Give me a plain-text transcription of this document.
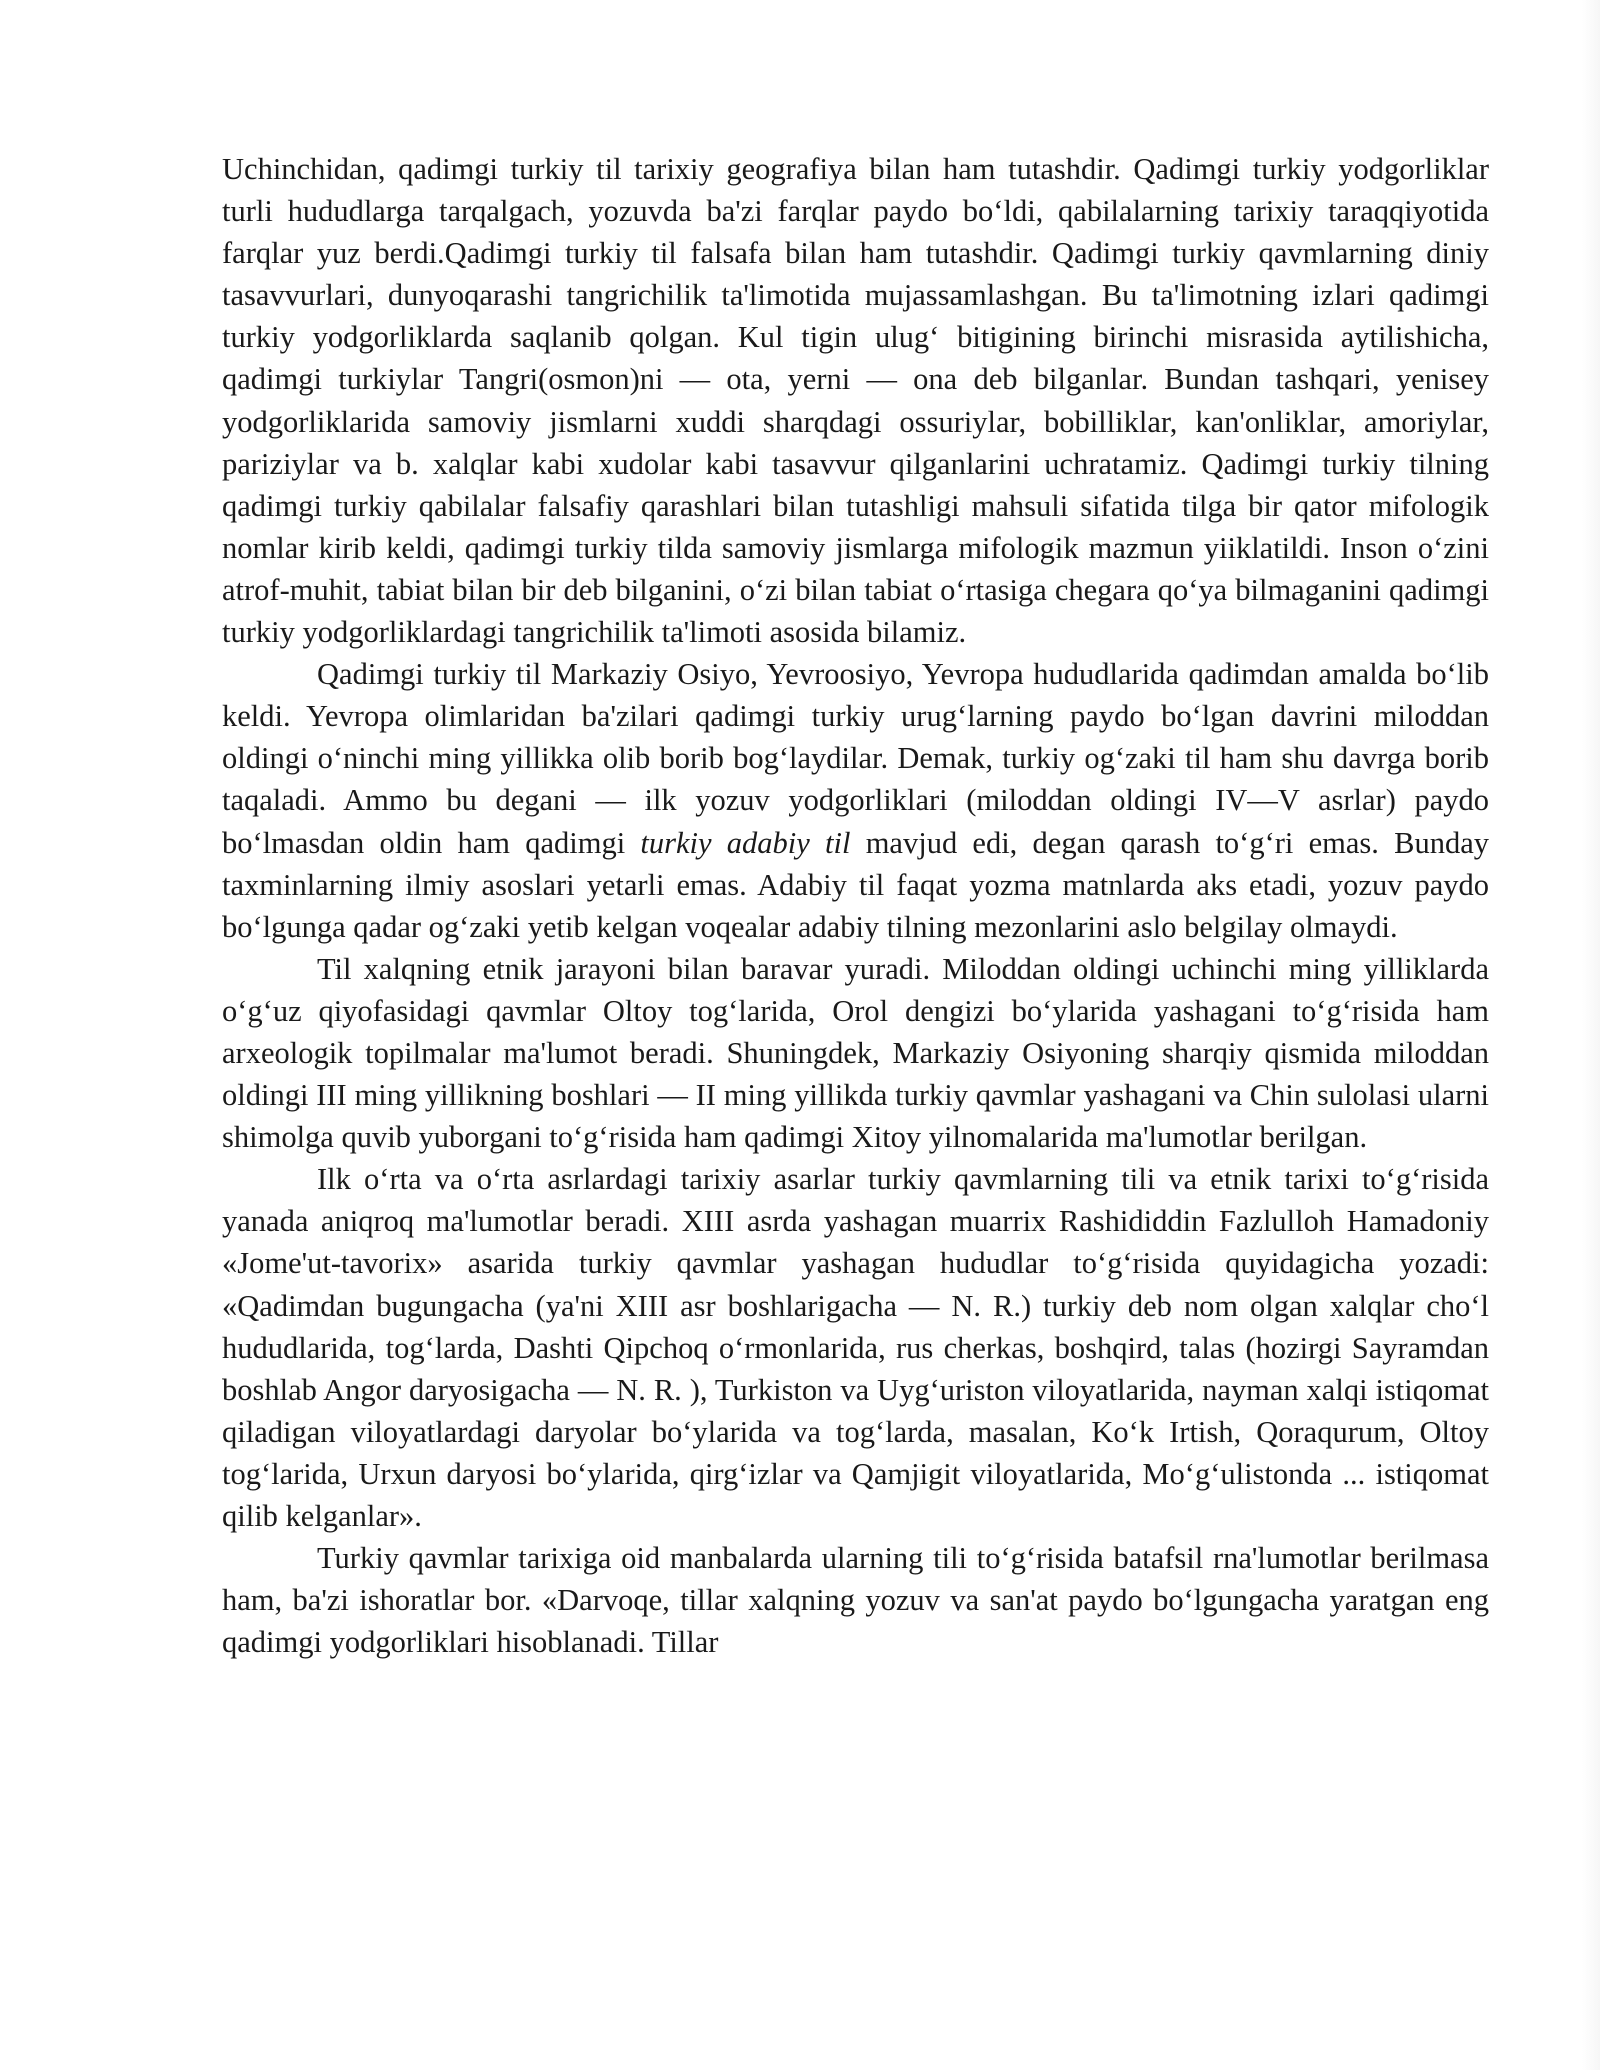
Uchinchidan, qadimgi turkiy til tarixiy geografiya bilan ham tutashdir. Qadimgi turkiy yodgorliklar turli hududlarga tarqalgach, yozuvda ba'zi farqlar paydo bo‘ldi, qabilalarning tarixiy taraqqiyotida farqlar yuz berdi.Qadimgi turkiy til falsafa bilan ham tutashdir. Qadimgi turkiy qavmlarning diniy tasavvurlari, dunyoqarashi tangrichilik ta'limotida mujassamlashgan. Bu ta'limotning izlari qadimgi turkiy yodgorliklarda saqlanib qolgan. Kul tigin ulug‘ bitigining birinchi misrasida aytilishicha, qadimgi turkiylar Tangri(osmon)ni — ota, yerni — ona deb bilganlar. Bundan tashqari, yenisey yodgorliklarida samoviy jismlarni xuddi sharqdagi ossuriylar, bobilliklar, kan'onliklar, amoriylar, pariziylar va b. xalqlar kabi xudolar kabi tasavvur qilganlarini uchratamiz. Qadimgi turkiy tilning qadimgi turkiy qabilalar falsafiy qarashlari bilan tutashligi mahsuli sifatida tilga bir qator mifologik nomlar kirib keldi, qadimgi turkiy tilda samoviy jismlarga mifologik mazmun yiiklatildi. Inson o‘zini atrof-muhit, tabiat bilan bir deb bilganini, o‘zi bilan tabiat o‘rtasiga chegara qo‘ya bilmaganini qadimgi turkiy yodgorliklardagi tangrichilik ta'limoti asosida bilamiz.

Qadimgi turkiy til Markaziy Osiyo, Yevroosiyo, Yevropa hududlarida qadimdan amalda bo‘lib keldi. Yevropa olimlaridan ba'zilari qadimgi turkiy urug‘larning paydo bo‘lgan davrini miloddan oldingi o‘ninchi ming yillikka olib borib bog‘laydilar. Demak, turkiy og‘zaki til ham shu davrga borib taqaladi. Ammo bu degani — ilk yozuv yodgorliklari (miloddan oldingi IV—V asrlar) paydo bo‘lmasdan oldin ham qadimgi turkiy adabiy til mavjud edi, degan qarash to‘g‘ri emas. Bunday taxminlarning ilmiy asoslari yetarli emas. Adabiy til faqat yozma matnlarda aks etadi, yozuv paydo bo‘lgunga qadar og‘zaki yetib kelgan voqealar adabiy tilning mezonlarini aslo belgilay olmaydi.

Til xalqning etnik jarayoni bilan baravar yuradi. Miloddan oldingi uchinchi ming yilliklarda o‘g‘uz qiyofasidagi qavmlar Oltoy tog‘larida, Orol dengizi bo‘ylarida yashagani to‘g‘risida ham arxeologik topilmalar ma'lumot beradi. Shuningdek, Markaziy Osiyoning sharqiy qismida miloddan oldingi III ming yillikning boshlari — II ming yillikda turkiy qavmlar yashagani va Chin sulolasi ularni shimolga quvib yuborgani to‘g‘risida ham qadimgi Xitoy yilnomalarida ma'lumotlar berilgan.

Ilk o‘rta va o‘rta asrlardagi tarixiy asarlar turkiy qavmlarning tili va etnik tarixi to‘g‘risida yanada aniqroq ma'lumotlar beradi. XIII asrda yashagan muarrix Rashididdin Fazlulloh Hamadoniy «Jome'ut-tavorix» asarida turkiy qavmlar yashagan hududlar to‘g‘risida quyidagicha yozadi: «Qadimdan bugungacha (ya'ni XIII asr boshlarigacha — N. R.) turkiy deb nom olgan xalqlar cho‘l hududlarida, tog‘larda, Dashti Qipchoq o‘rmonlarida, rus cherkas, boshqird, talas (hozirgi Sayramdan boshlab Angor daryosigacha — N. R. ), Turkiston va Uyg‘uriston viloyatlarida, nayman xalqi istiqomat qiladigan viloyatlardagi daryolar bo‘ylarida va tog‘larda, masalan, Ko‘k Irtish, Qoraqurum, Oltoy tog‘larida, Urxun daryosi bo‘ylarida, qirg‘izlar va Qamjigit viloyatlarida, Mo‘g‘ulistonda ... istiqomat qilib kelganlar».

Turkiy qavmlar tarixiga oid manbalarda ularning tili to‘g‘risida batafsil rna'lumotlar berilmasa ham, ba'zi ishoratlar bor. «Darvoqe, tillar xalqning yozuv va san'at paydo bo‘lgungacha yaratgan eng qadimgi yodgorliklari hisoblanadi. Tillar
